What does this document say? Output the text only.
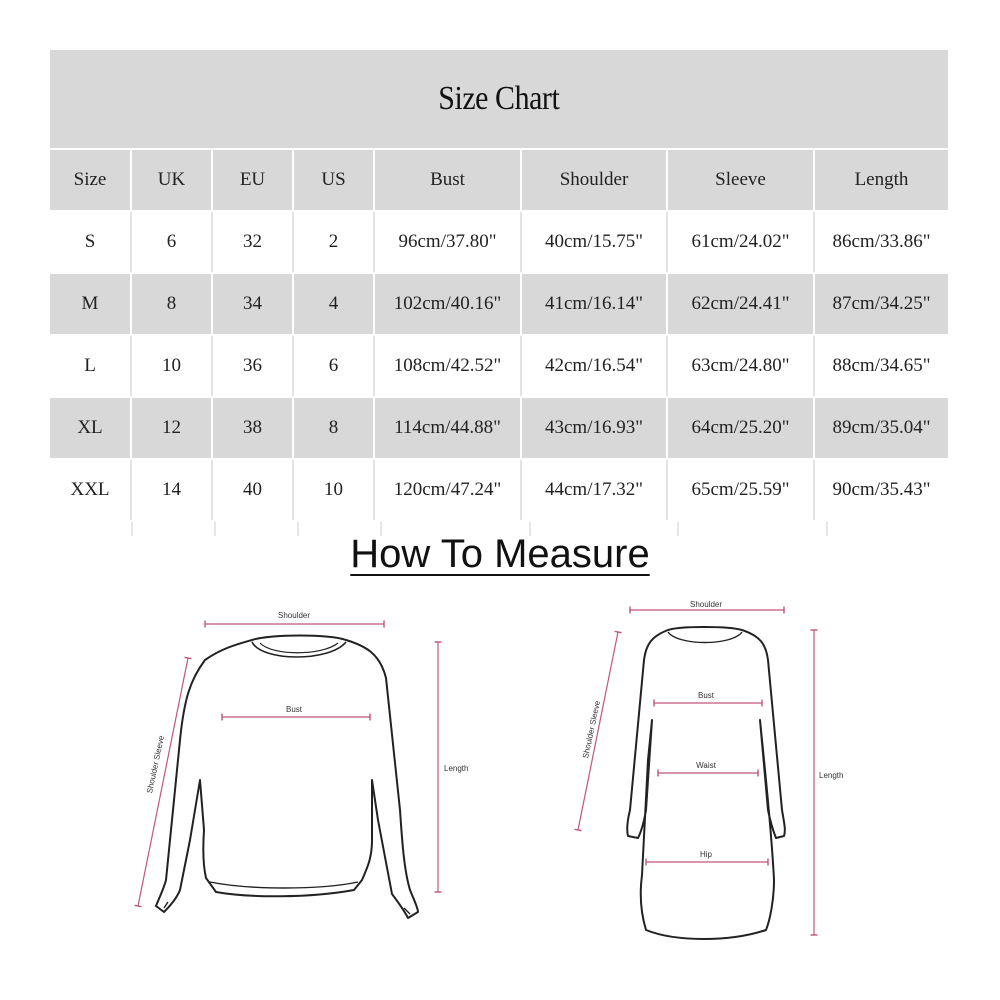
Size Chart
Size	UK	EU	US	Bust	Shoulder	Sleeve	Length
S	6	32	2	96cm/37.80"	40cm/15.75"	61cm/24.02"	86cm/33.86"
M	8	34	4	102cm/40.16"	41cm/16.14"	62cm/24.41"	87cm/34.25"
L	10	36	6	108cm/42.52"	42cm/16.54"	63cm/24.80"	88cm/34.65"
XL	12	38	8	114cm/44.88"	43cm/16.93"	64cm/25.20"	89cm/35.04"
XXL	14	40	10	120cm/47.24"	44cm/17.32"	65cm/25.59"	90cm/35.43"
How To Measure
Shoulder
Bust
Shoulder Sleeve	Length
Shoulder
Bust
Waist
Hip
Shoulder Sleeve
Length
